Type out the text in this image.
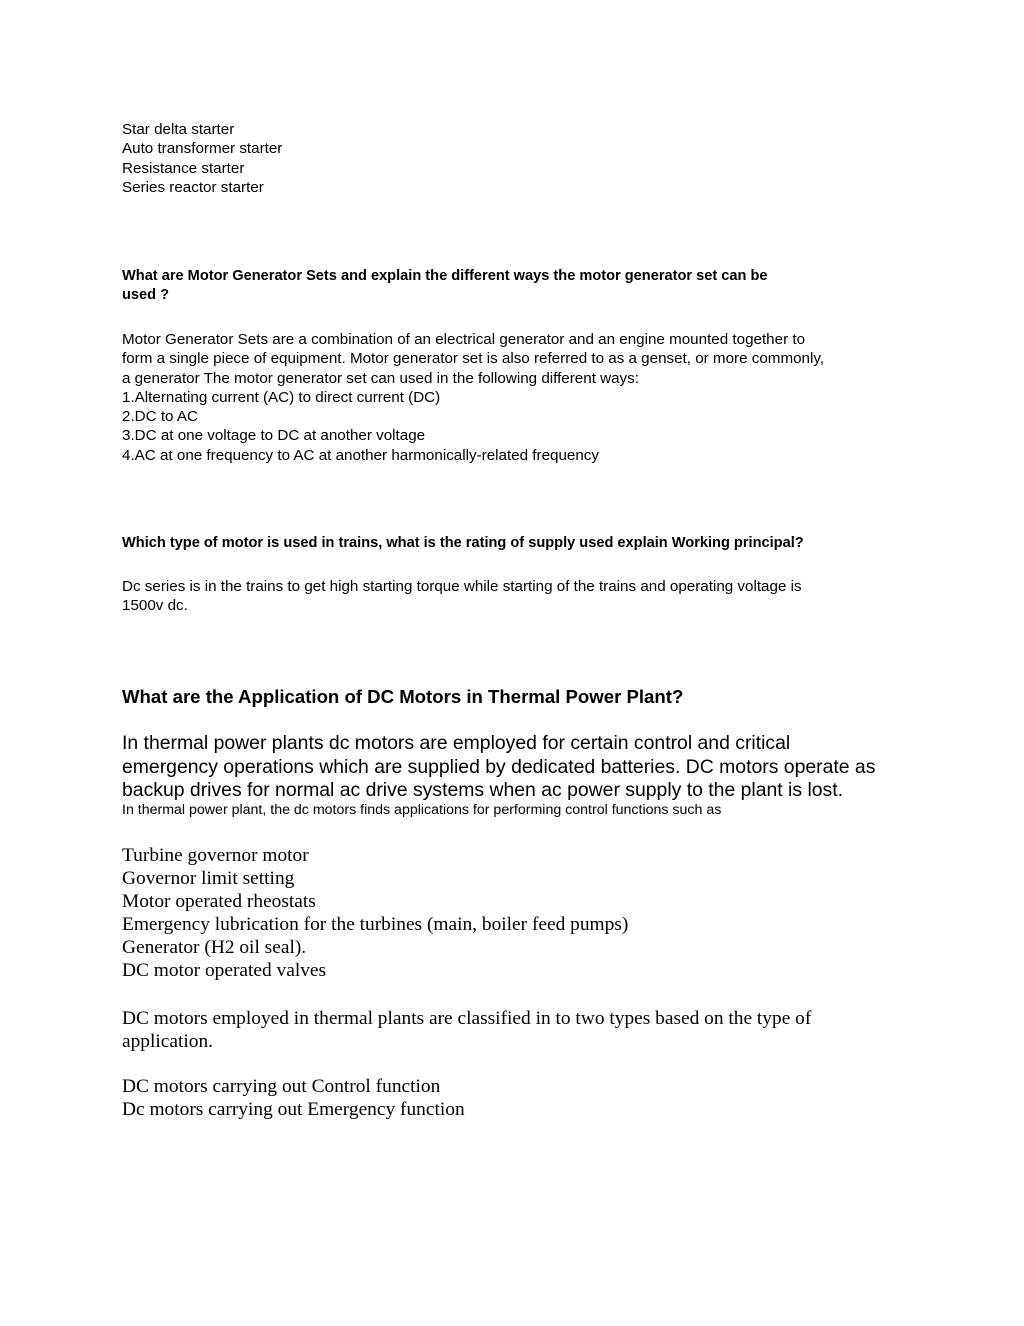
Star delta starter
Auto transformer starter
Resistance starter
Series reactor starter
What are Motor Generator Sets and explain the different ways the motor generator set can be
used ?
Motor Generator Sets are a combination of an electrical generator and an engine mounted together to
form a single piece of equipment. Motor generator set is also referred to as a genset, or more commonly,
a generator The motor generator set can used in the following different ways:
1.Alternating current (AC) to direct current (DC)
2.DC to AC
3.DC at one voltage to DC at another voltage
4.AC at one frequency to AC at another harmonically-related frequency
Which type of motor is used in trains, what is the rating of supply used explain Working principal?
Dc series is in the trains to get high starting torque while starting of the trains and operating voltage is
1500v dc.
What are the Application of DC Motors in Thermal Power Plant?
In thermal power plants dc motors are employed for certain control and critical
emergency operations which are supplied by dedicated batteries. DC motors operate as
backup drives for normal ac drive systems when ac power supply to the plant is lost.
In thermal power plant, the dc motors finds applications for performing control functions such as
Turbine governor motor
Governor limit setting
Motor operated rheostats
Emergency lubrication for the turbines (main, boiler feed pumps)
Generator (H2 oil seal).
DC motor operated valves
DC motors employed in thermal plants are classified in to two types based on the type of
application.
DC motors carrying out Control function
Dc motors carrying out Emergency function
